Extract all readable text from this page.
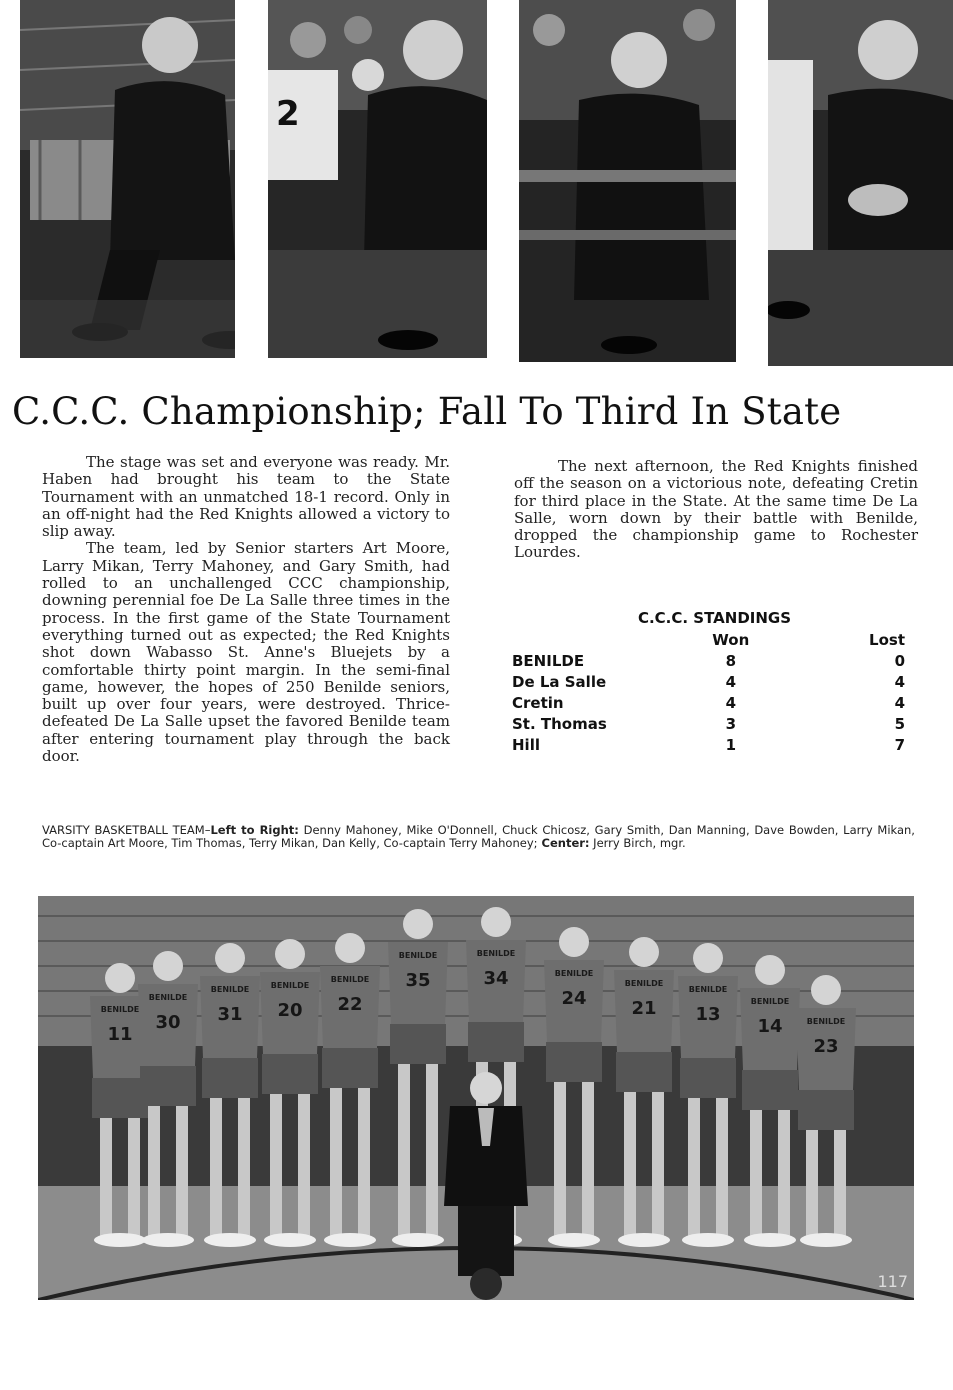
2
C.C.C. Championship; Fall To Third In State

The stage was set and everyone was ready. Mr. Haben had brought his team to the State Tournament with an unmatched 18-1 record. Only in an off-night had the Red Knights allowed a victory to slip away.

The team, led by Senior starters Art Moore, Larry Mikan, Terry Mahoney, and Gary Smith, had rolled to an unchallenged CCC championship, downing perennial foe De La Salle three times in the process. In the first game of the State Tournament everything turned out as expected; the Red Knights shot down Wabasso St. Anne's Bluejets by a comfortable thirty point margin. In the semi-final game, however, the hopes of 250 Benilde seniors, built up over four years, were destroyed. Thrice-defeated De La Salle upset the favored Benilde team after entering tournament play through the back door.

The next afternoon, the Red Knights finished off the season on a victorious note, defeating Cretin for third place in the State. At the same time De La Salle, worn down by their battle with Benilde, dropped the championship game to Rochester Lourdes.

C.C.C. STANDINGS
	Won		Lost
BENILDE	8		0
De La Salle	4		4
Cretin	4		4
St. Thomas	3		5
Hill	1		7
VARSITY BASKETBALL TEAM–Left to Right: Denny Mahoney, Mike O'Donnell, Chuck Chicosz, Gary Smith, Dan Manning, Dave Bowden, Larry Mikan, Co-captain Art Moore, Tim Thomas, Terry Mikan, Dan Kelly, Co-captain Terry Mahoney; Center: Jerry Birch, mgr.
BENILDE
11
BENILDE
30
BENILDE
31
BENILDE
20
BENILDE
22
BENILDE
35
BENILDE
34	BENILDE
24
BENILDE
21
BENILDE
13
BENILDE
14	BENILDE
23
117
